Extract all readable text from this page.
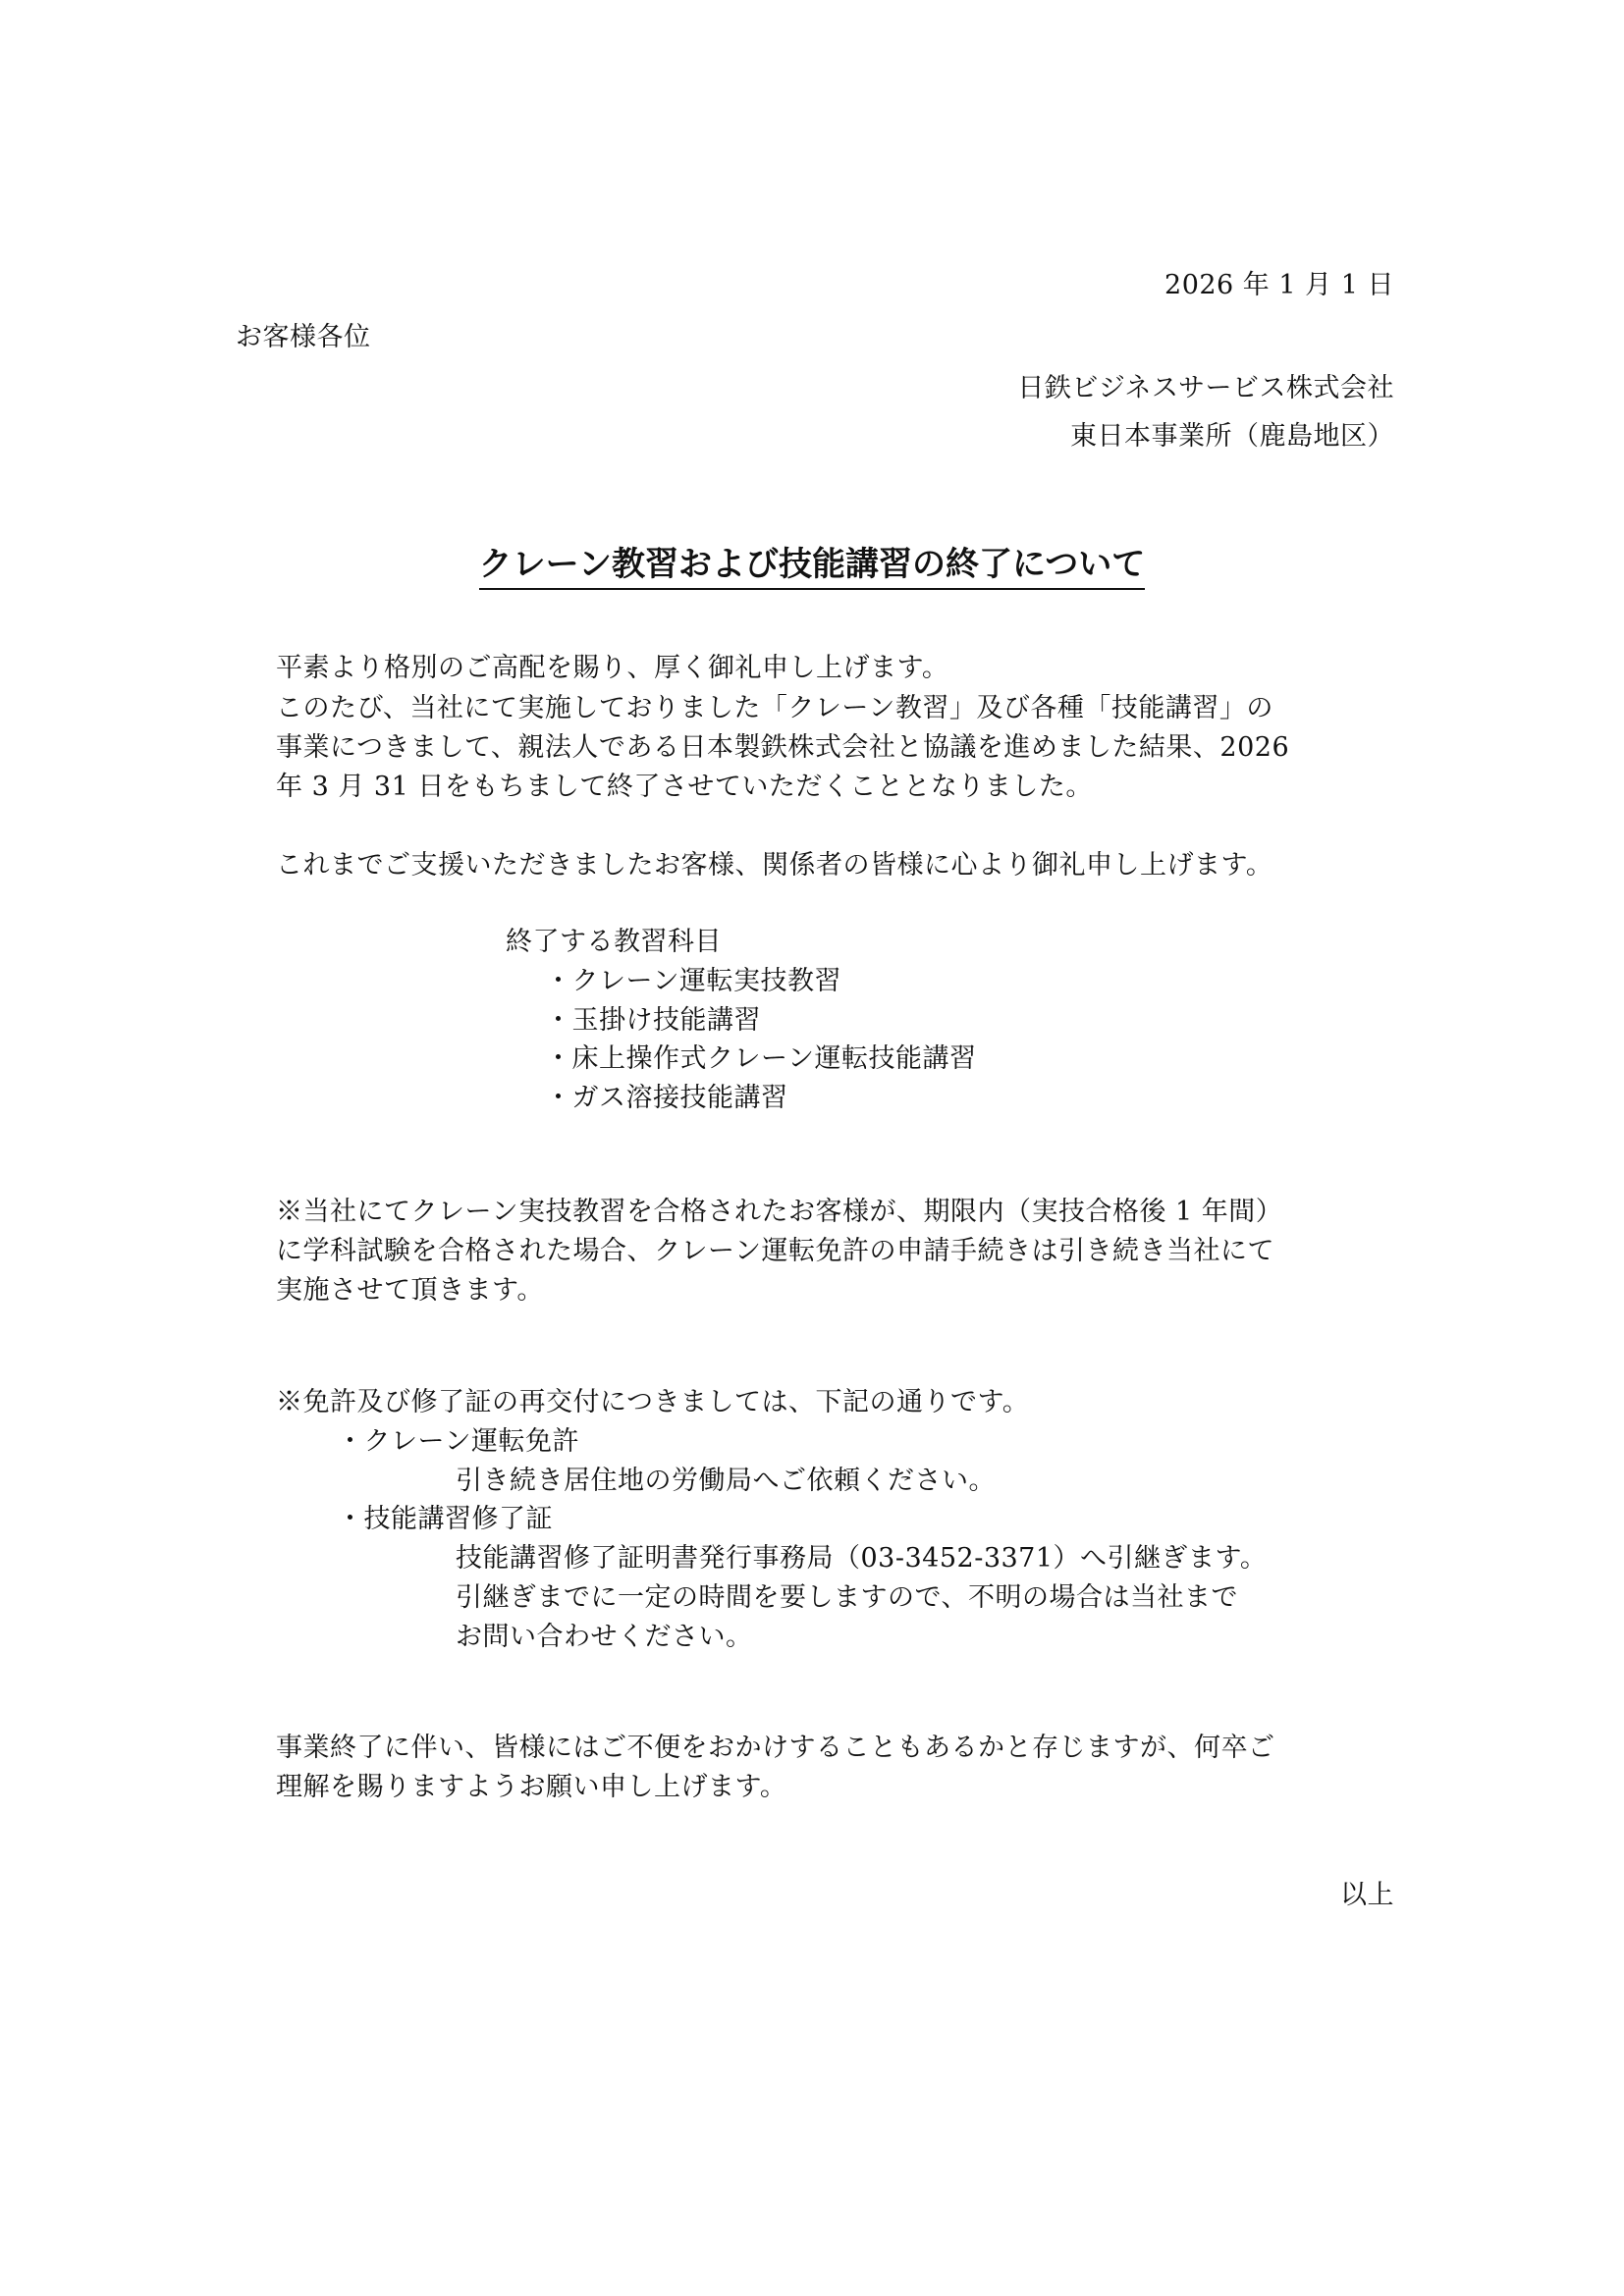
2026 年 1 月 1 日
お客様各位
日鉄ビジネスサービス株式会社
東日本事業所（鹿島地区）
クレーン教習および技能講習の終了について
平素より格別のご高配を賜り、厚く御礼申し上げます。
このたび、当社にて実施しておりました「クレーン教習」及び各種「技能講習」の
事業につきまして、親法人である日本製鉄株式会社と協議を進めました結果、2026
年 3 月 31 日をもちまして終了させていただくこととなりました。
これまでご支援いただきましたお客様、関係者の皆様に心より御礼申し上げます。
終了する教習科目
・クレーン運転実技教習
・玉掛け技能講習
・床上操作式クレーン運転技能講習
・ガス溶接技能講習
※当社にてクレーン実技教習を合格されたお客様が、期限内（実技合格後 1 年間）
に学科試験を合格された場合、クレーン運転免許の申請手続きは引き続き当社にて
実施させて頂きます。
※免許及び修了証の再交付につきましては、下記の通りです。
・クレーン運転免許
引き続き居住地の労働局へご依頼ください。
・技能講習修了証
技能講習修了証明書発行事務局（03-3452-3371）へ引継ぎます。
引継ぎまでに一定の時間を要しますので、不明の場合は当社まで
お問い合わせください。
事業終了に伴い、皆様にはご不便をおかけすることもあるかと存じますが、何卒ご
理解を賜りますようお願い申し上げます。
以上
